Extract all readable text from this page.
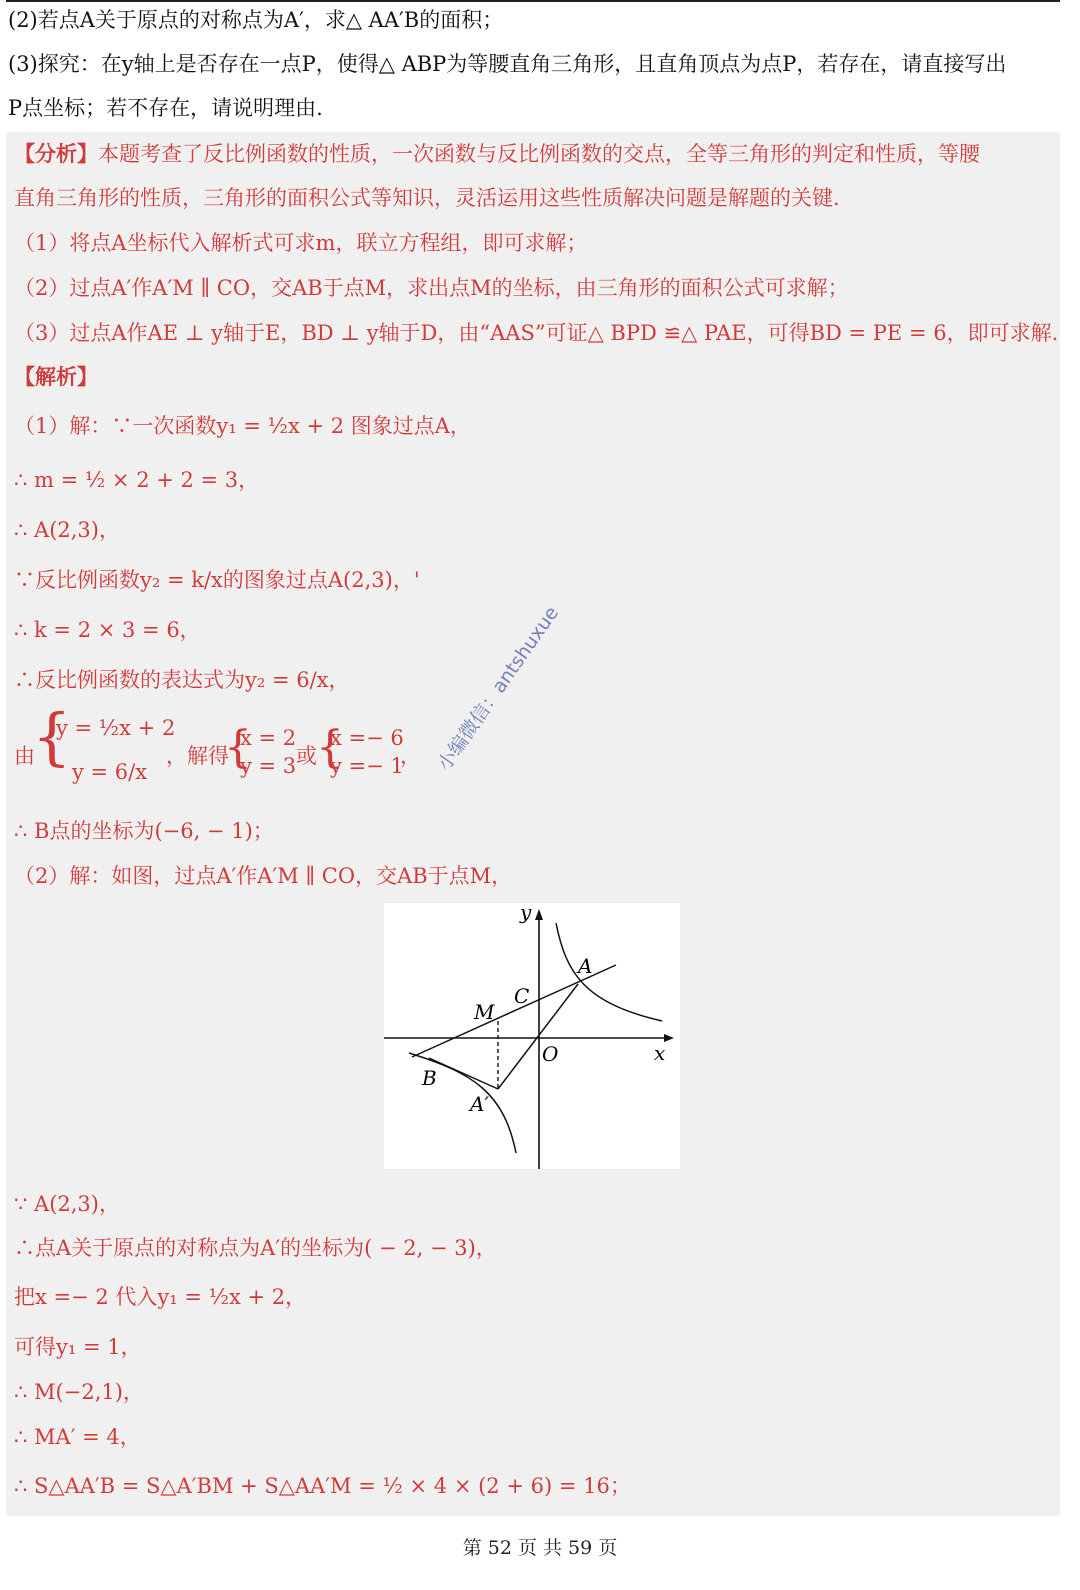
(2)若点A关于原点的对称点为A′，求△ AA′B的面积；
(3)探究：在y轴上是否存在一点P，使得△ ABP为等腰直角三角形，且直角顶点为点P，若存在，请直接写出
P点坐标；若不存在，请说明理由.
【分析】本题考查了反比例函数的性质，一次函数与反比例函数的交点，全等三角形的判定和性质，等腰
直角三角形的性质，三角形的面积公式等知识，灵活运用这些性质解决问题是解题的关键.
（1）将点A坐标代入解析式可求m，联立方程组，即可求解；
（2）过点A′作A′M ∥ CO，交AB于点M，求出点M的坐标，由三角形的面积公式可求解；
（3）过点A作AE ⊥ y轴于E，BD ⊥ y轴于D，由“AAS”可证△ BPD ≌△ PAE，可得BD = PE = 6，即可求解.
【解析】
（1）解：∵一次函数y₁ = ½x + 2 图象过点A，
∴ m = ½ × 2 + 2 = 3，
∴ A(2,3)，
∵反比例函数y₂ = k/x的图象过点A(2,3)，'
∴ k = 2 × 3 = 6，
∴反比例函数的表达式为y₂ = 6/x，
由
{
y = ½x + 2
y = 6/x
，解得
{
x = 2
y = 3 或 {
x =− 6
y =− 1
，
∴ B点的坐标为(−6, − 1)；
（2）解：如图，过点A′作A′M ∥ CO，交AB于点M，
∵ A(2,3)，
∴点A关于原点的对称点为A′的坐标为( − 2, − 3)，
把x =− 2 代入y₁ = ½x + 2，
可得y₁ = 1，
∴ M(−2,1)，
∴ MA′ = 4，
∴ S△AA′B = S△A′BM + S△AA′M = ½ × 4 × (2 + 6) = 16；
y
x
O
A
C
M
B
A′
小编微信：antshuxue
第 52 页 共 59 页
